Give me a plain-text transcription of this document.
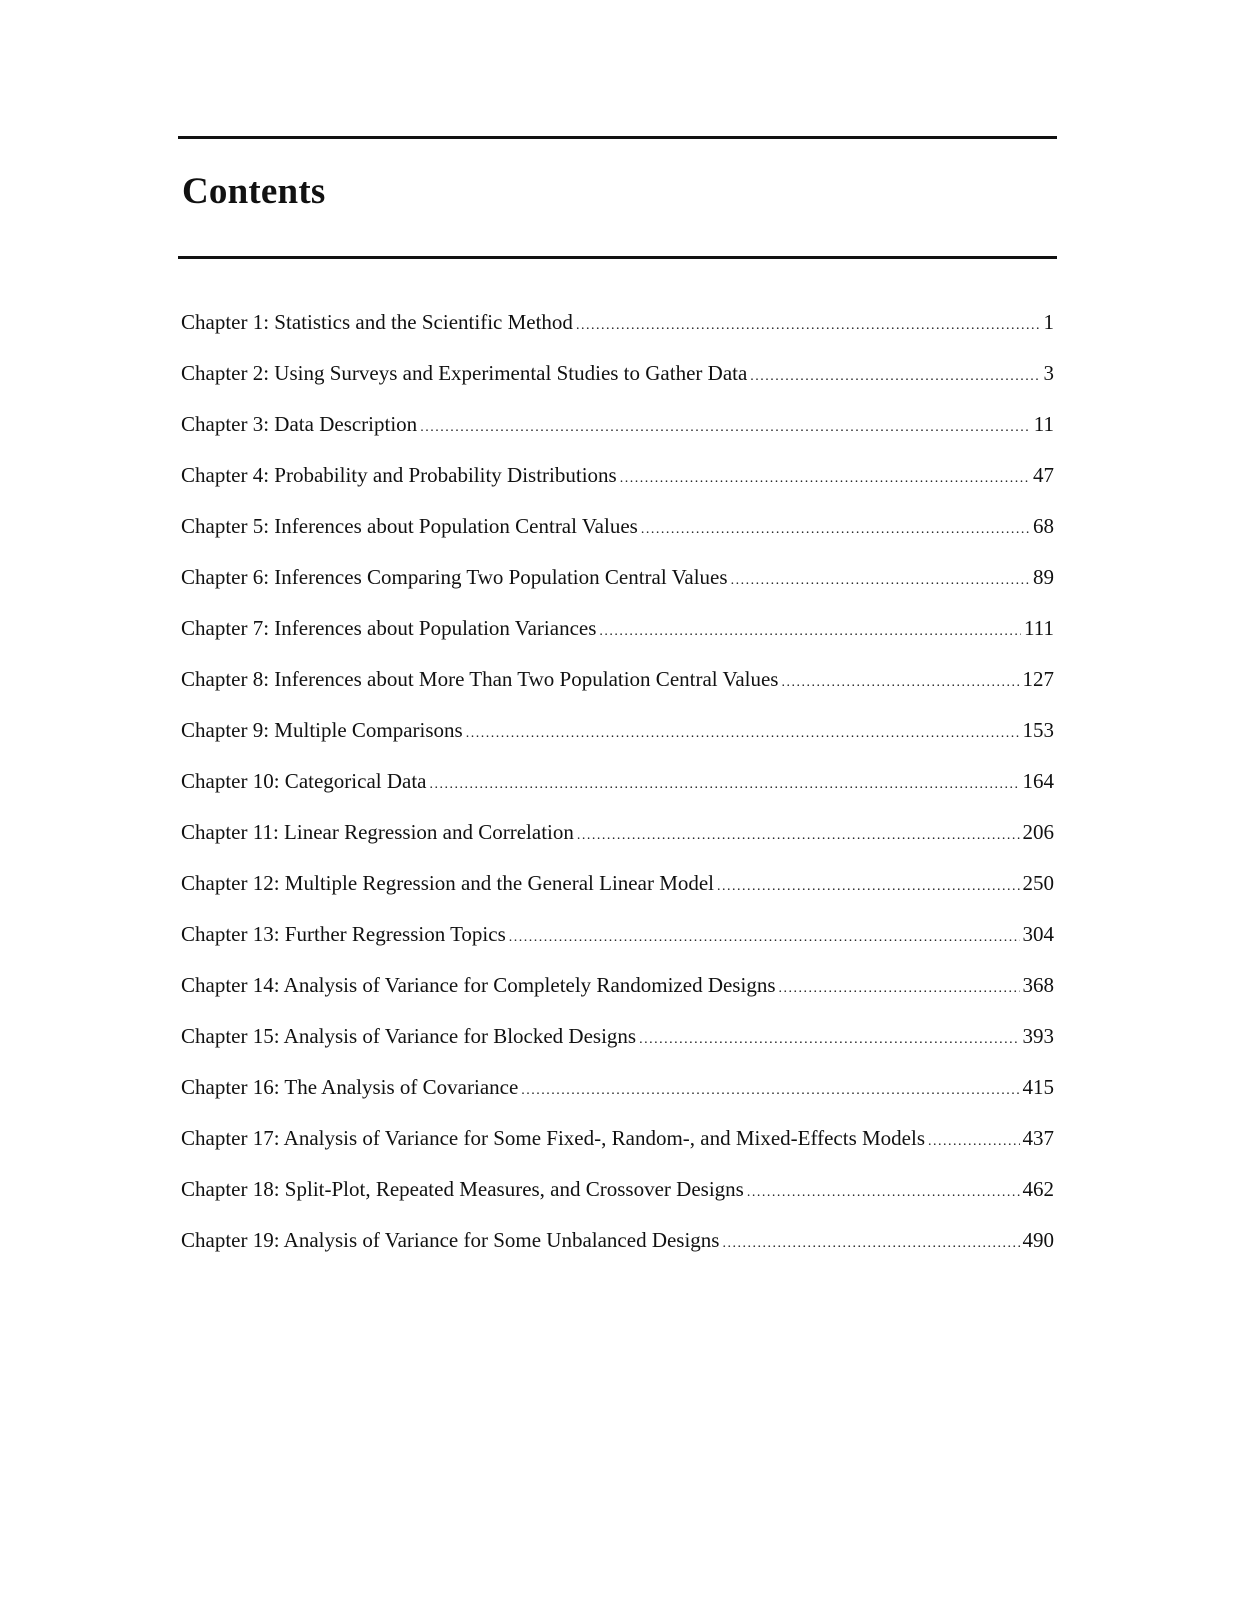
Contents
Chapter 1: Statistics and the Scientific Method . . .	1
Chapter 2: Using Surveys and Experimental Studies to Gather Data . . .	3
Chapter 3: Data Description . . .	11
Chapter 4: Probability and Probability Distributions . . .	47
Chapter 5: Inferences about Population Central Values . . .	68
Chapter 6: Inferences Comparing Two Population Central Values . . .	89
Chapter 7: Inferences about Population Variances . . .	111
Chapter 8: Inferences about More Than Two Population Central Values . . .	127
Chapter 9: Multiple Comparisons . . .	153
Chapter 10: Categorical Data . . .	164
Chapter 11: Linear Regression and Correlation . . .	206
Chapter 12: Multiple Regression and the General Linear Model . . .	250
Chapter 13: Further Regression Topics . . .	304
Chapter 14: Analysis of Variance for Completely Randomized Designs . . .	368
Chapter 15: Analysis of Variance for Blocked Designs . . .	393
Chapter 16: The Analysis of Covariance . . .	415
Chapter 17: Analysis of Variance for Some Fixed-, Random-, and Mixed-Effects Models . . .	437
Chapter 18: Split-Plot, Repeated Measures, and Crossover Designs . . .	462
Chapter 19: Analysis of Variance for Some Unbalanced Designs . . .	490
